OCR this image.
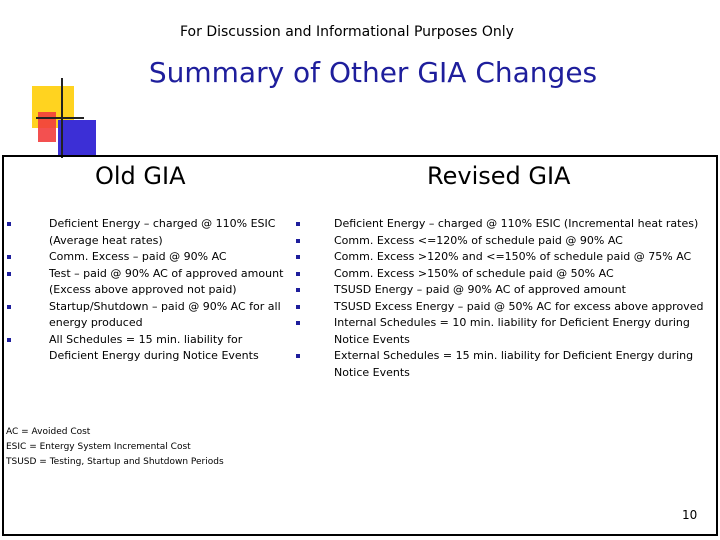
For Discussion and Informational Purposes Only
Summary of Other GIA Changes
Old GIA	Revised GIA
Deficient Energy – charged @ 110% ESIC (Average heat rates)
Comm. Excess – paid @ 90% AC
Test – paid @ 90% AC of approved amount (Excess above approved not paid)
Startup/Shutdown – paid @ 90% AC for all energy produced
All Schedules = 15 min. liability for Deficient Energy during Notice Events
Deficient Energy – charged @ 110% ESIC (Incremental heat rates)
Comm. Excess <=120% of schedule paid @ 90% AC
Comm. Excess >120% and <=150% of schedule paid @ 75% AC
Comm. Excess >150% of schedule paid @ 50% AC
TSUSD Energy – paid @ 90% AC of approved amount
TSUSD Excess Energy – paid @ 50% AC for excess above approved
Internal Schedules = 10 min. liability for Deficient Energy during Notice Events
External Schedules = 15 min. liability for Deficient Energy during Notice Events
AC = Avoided Cost
ESIC = Entergy System Incremental Cost
TSUSD = Testing, Startup and Shutdown Periods
10
